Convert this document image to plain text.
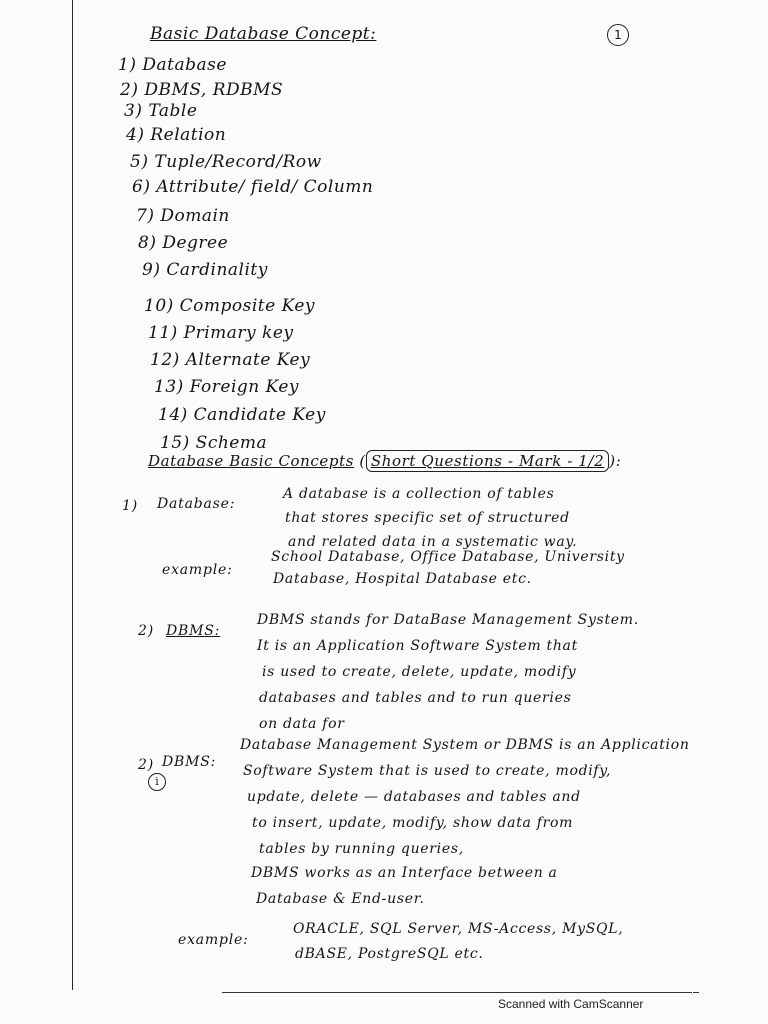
Basic Database Concept:	1
1) Database
2) DBMS, RDBMS
3) Table
4) Relation
5) Tuple/Record/Row
6) Attribute/ field/ Column
7) Domain
8) Degree
9) Cardinality
10) Composite Key
11) Primary key
12) Alternate Key
13) Foreign Key
14) Candidate Key
15) Schema
Database Basic Concepts ( Short Questions - Mark - 1/2 ):
1) Database:
A database is a collection of tables
that stores specific set of structured
and related data in a systematic way.
example:
School Database, Office Database, University
Database, Hospital Database etc.
2) DBMS:
DBMS stands for DataBase Management System.
It is an Application Software System that
is used to create, delete, update, modify
databases and tables and to run queries
on data for
2)
i
DBMS:
Database Management System or DBMS is an Application
Software System that is used to create, modify,
update, delete — databases and tables and
to insert, update, modify, show data from
tables by running queries,
DBMS works as an Interface between a
Database & End-user.
example:
ORACLE, SQL Server, MS-Access, MySQL,
dBASE, PostgreSQL etc.
Scanned with CamScanner
